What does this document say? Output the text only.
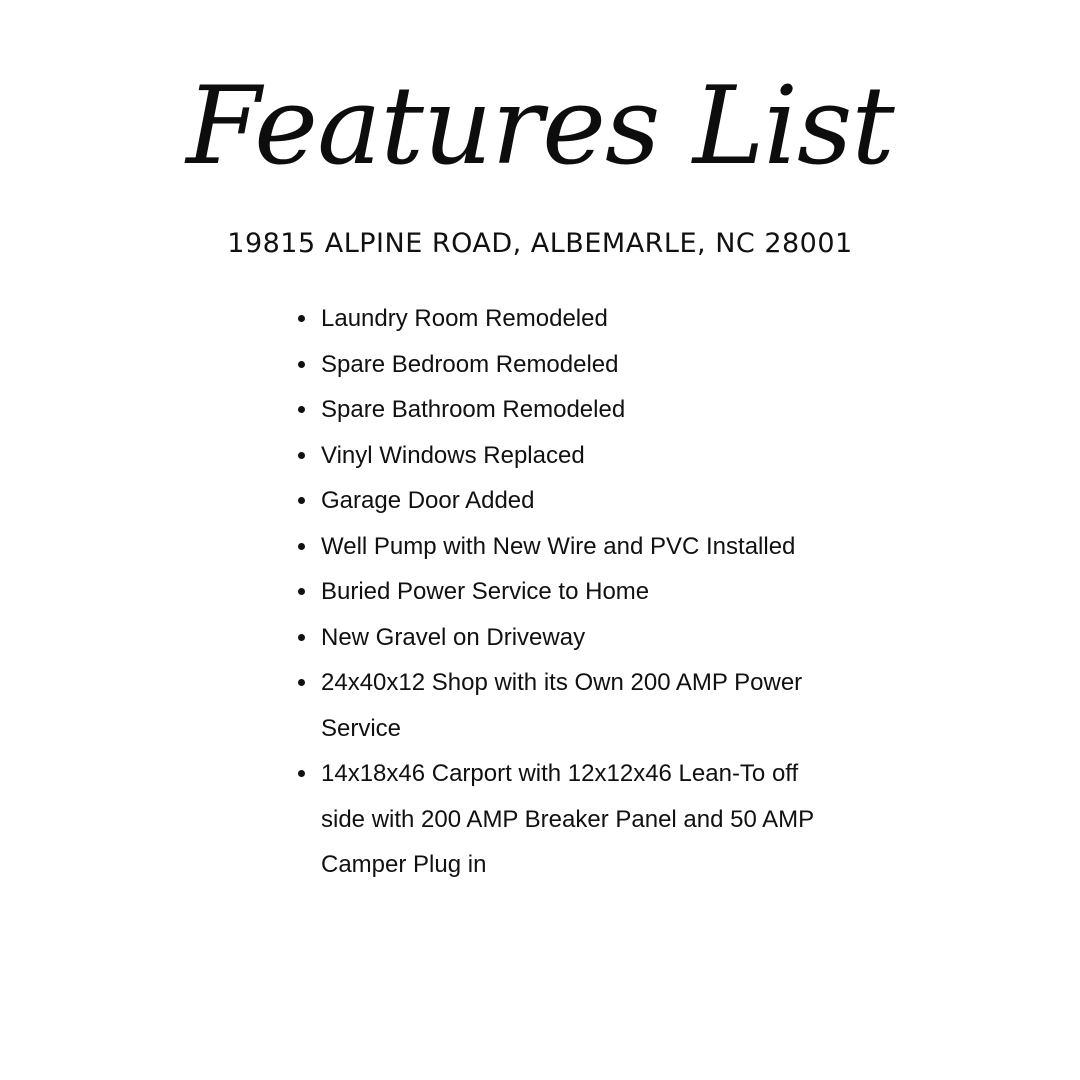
Features List
19815 ALPINE ROAD, ALBEMARLE, NC 28001
Laundry Room Remodeled
Spare Bedroom Remodeled
Spare Bathroom Remodeled
Vinyl Windows Replaced
Garage Door Added
Well Pump with New Wire and PVC Installed
Buried Power Service to Home
New Gravel on Driveway
24x40x12 Shop with its Own 200 AMP Power Service
14x18x46 Carport with 12x12x46 Lean-To off side with 200 AMP Breaker Panel and 50 AMP Camper Plug in
